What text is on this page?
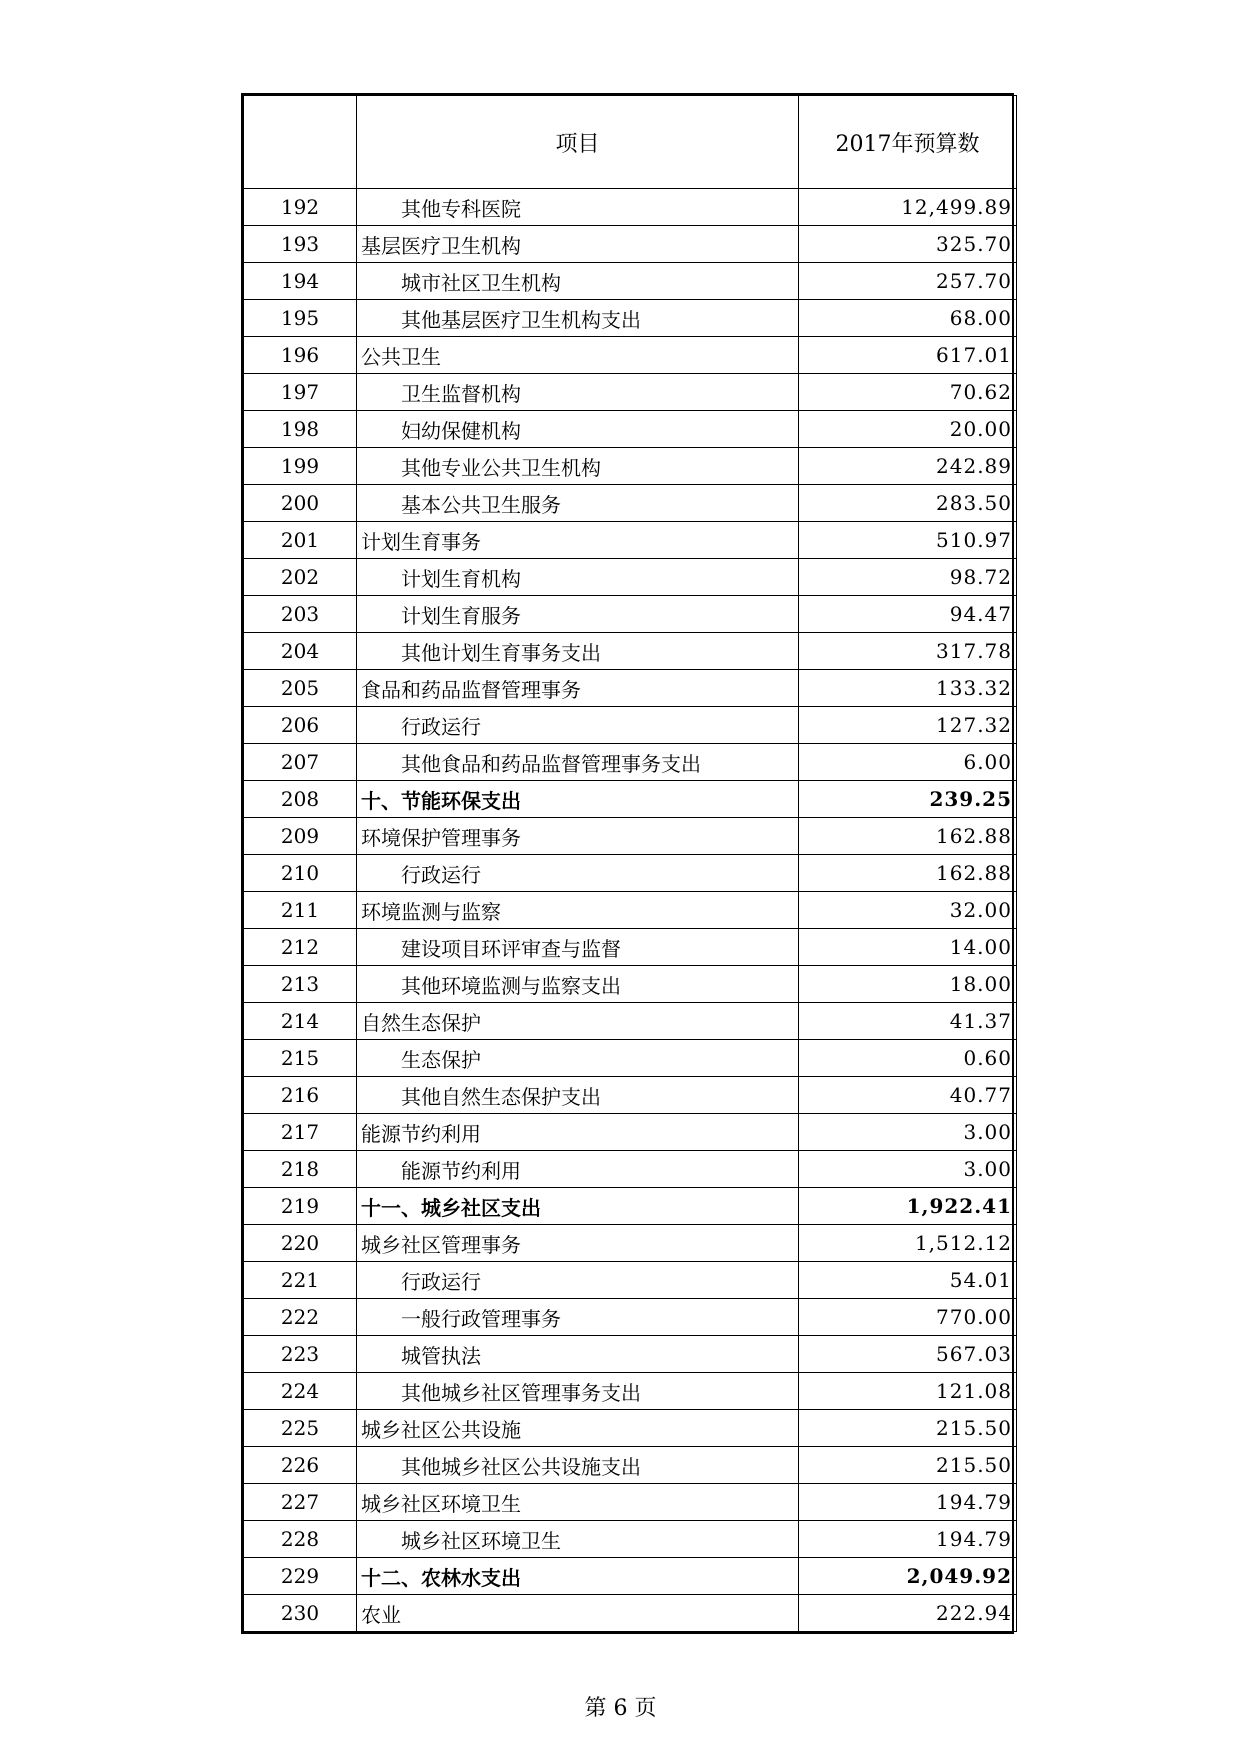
	项目	2017年预算数
192	其他专科医院	12,499.89
193	基层医疗卫生机构	325.70
194	城市社区卫生机构	257.70
195	其他基层医疗卫生机构支出	68.00
196	公共卫生	617.01
197	卫生监督机构	70.62
198	妇幼保健机构	20.00
199	其他专业公共卫生机构	242.89
200	基本公共卫生服务	283.50
201	计划生育事务	510.97
202	计划生育机构	98.72
203	计划生育服务	94.47
204	其他计划生育事务支出	317.78
205	食品和药品监督管理事务	133.32
206	行政运行	127.32
207	其他食品和药品监督管理事务支出	6.00
208	十、节能环保支出	239.25
209	环境保护管理事务	162.88
210	行政运行	162.88
211	环境监测与监察	32.00
212	建设项目环评审查与监督	14.00
213	其他环境监测与监察支出	18.00
214	自然生态保护	41.37
215	生态保护	0.60
216	其他自然生态保护支出	40.77
217	能源节约利用	3.00
218	能源节约利用	3.00
219	十一、城乡社区支出	1,922.41
220	城乡社区管理事务	1,512.12
221	行政运行	54.01
222	一般行政管理事务	770.00
223	城管执法	567.03
224	其他城乡社区管理事务支出	121.08
225	城乡社区公共设施	215.50
226	其他城乡社区公共设施支出	215.50
227	城乡社区环境卫生	194.79
228	城乡社区环境卫生	194.79
229	十二、农林水支出	2,049.92
230	农业	222.94
第 6 页
